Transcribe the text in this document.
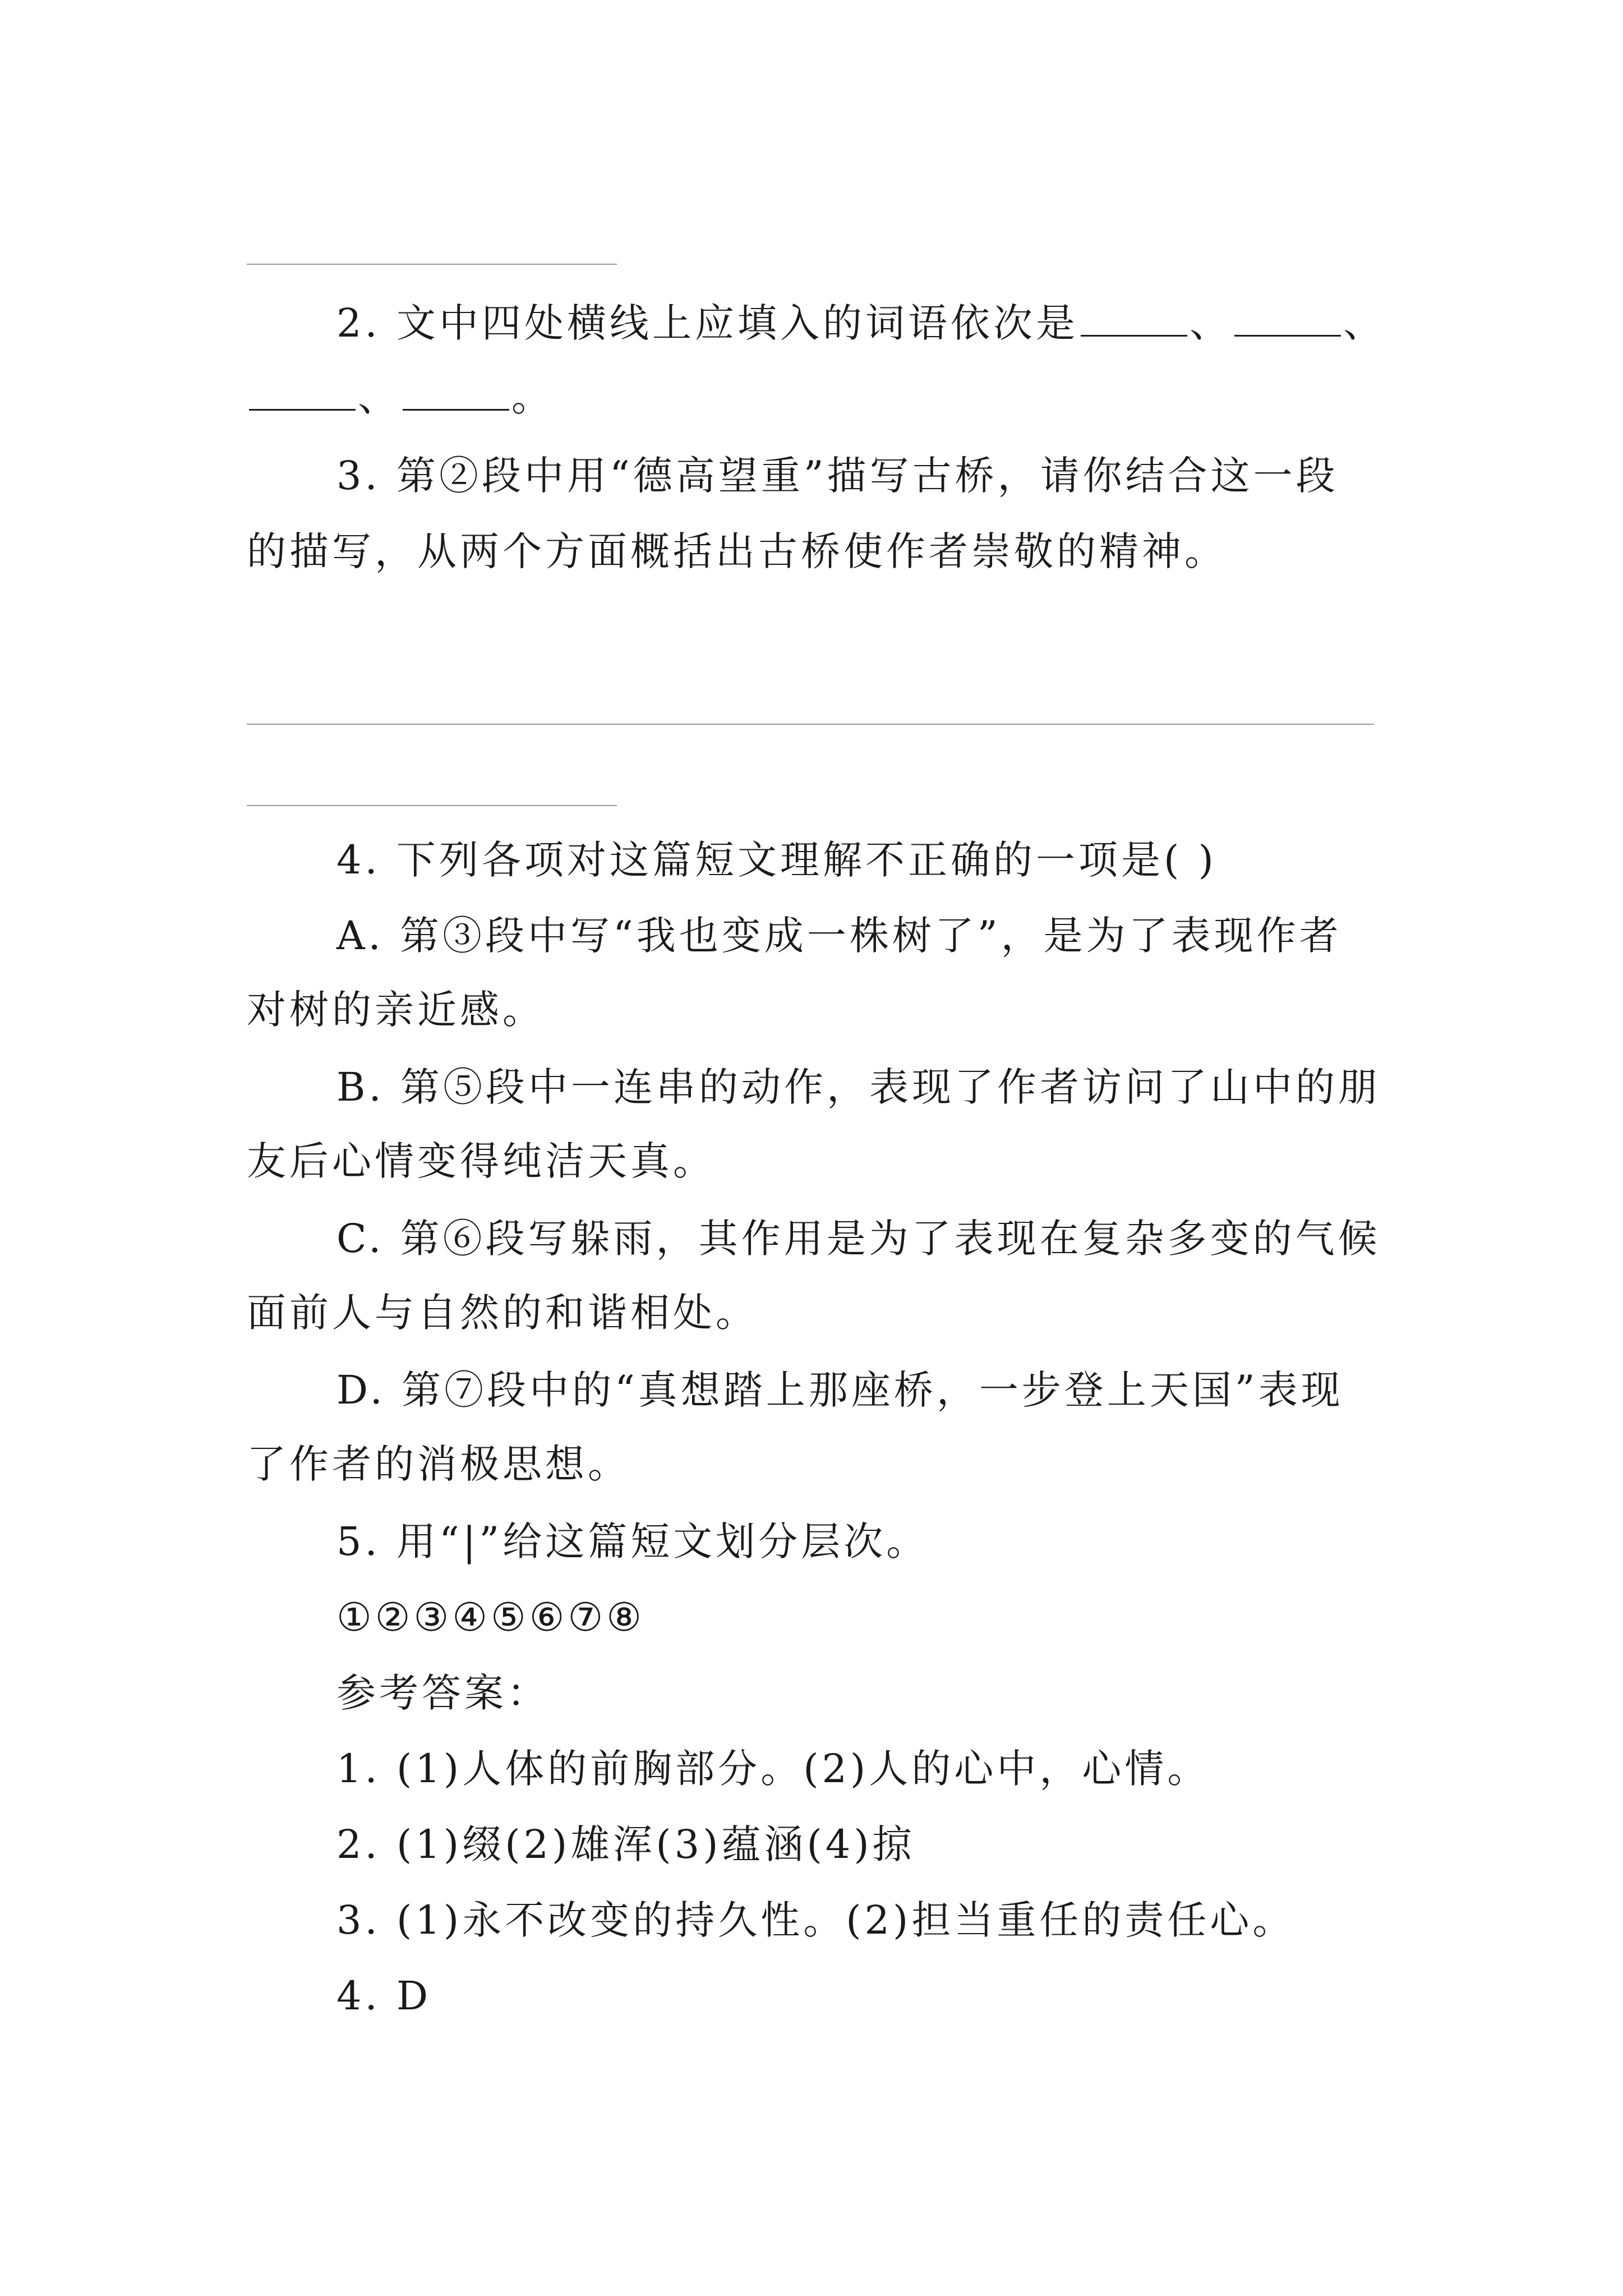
2. 文中四处横线上应填入的词语依次是	、	、
、	。
3. 第②段中用“德高望重”描写古桥，请你结合这一段
的描写，从两个方面概括出古桥使作者崇敬的精神。
4. 下列各项对这篇短文理解不正确的一项是( )
A. 第③段中写“我也变成一株树了”，是为了表现作者
对树的亲近感。
B. 第⑤段中一连串的动作，表现了作者访问了山中的朋
友后心情变得纯洁天真。
C. 第⑥段写躲雨，其作用是为了表现在复杂多变的气候
面前人与自然的和谐相处。
D. 第⑦段中的“真想踏上那座桥，一步登上天国”表现
了作者的消极思想。
5. 用“|”给这篇短文划分层次。
①②③④⑤⑥⑦⑧
参考答案：
1. (1)人体的前胸部分。(2)人的心中，心情。
2. (1)缀(2)雄浑(3)蕴涵(4)掠
3. (1)永不改变的持久性。(2)担当重任的责任心。
4. D
